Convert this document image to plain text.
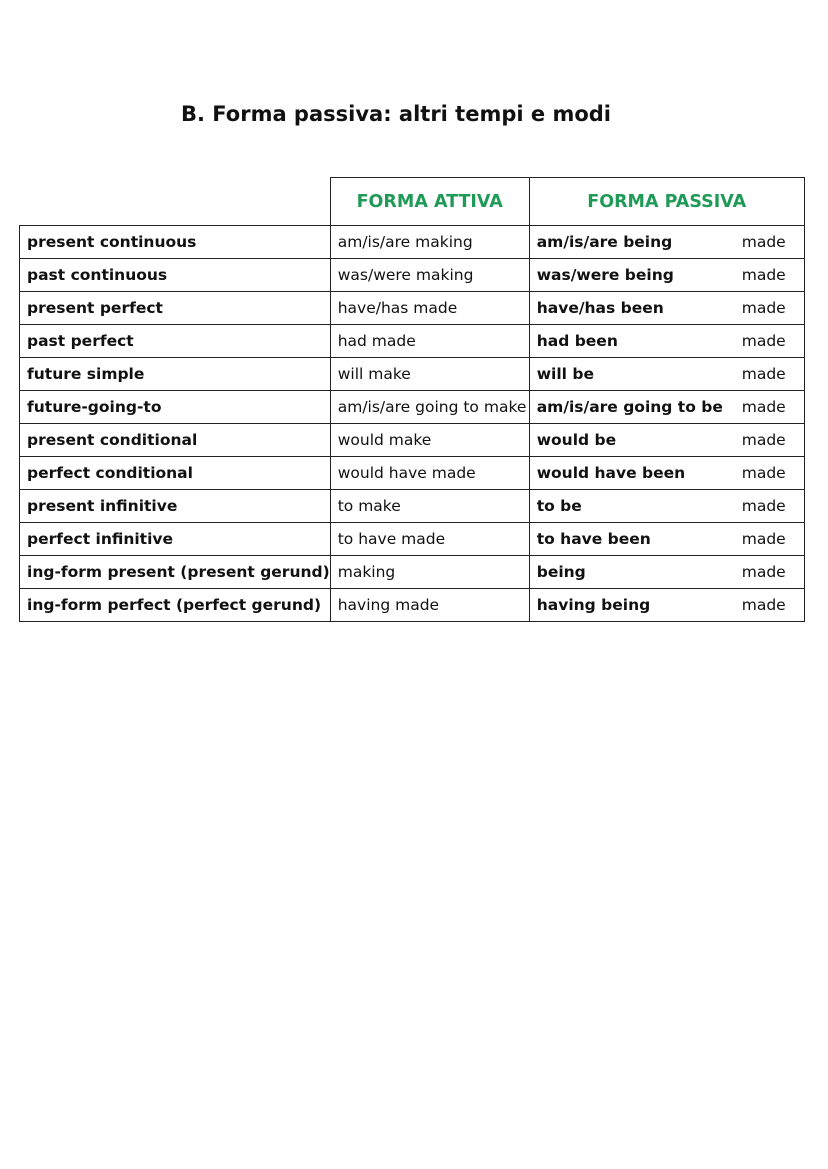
B. Forma passiva: altri tempi e modi
	FORMA ATTIVA	FORMA PASSIVA
present continuous	am/is/are making	am/is/are being made

past continuous	was/were making	was/were being made

present perfect	have/has made	have/has been made

past perfect	had made	had been made

future simple	will make	will be made

future-going-to	am/is/are going to make	am/is/are going to be made

present conditional	would make	would be made

perfect conditional	would have made	would have been made

present infinitive	to make	to be made

perfect infinitive	to have made	to have been made

ing-form present (present gerund)	making	being made

ing-form perfect (perfect gerund)	having made	having being made
